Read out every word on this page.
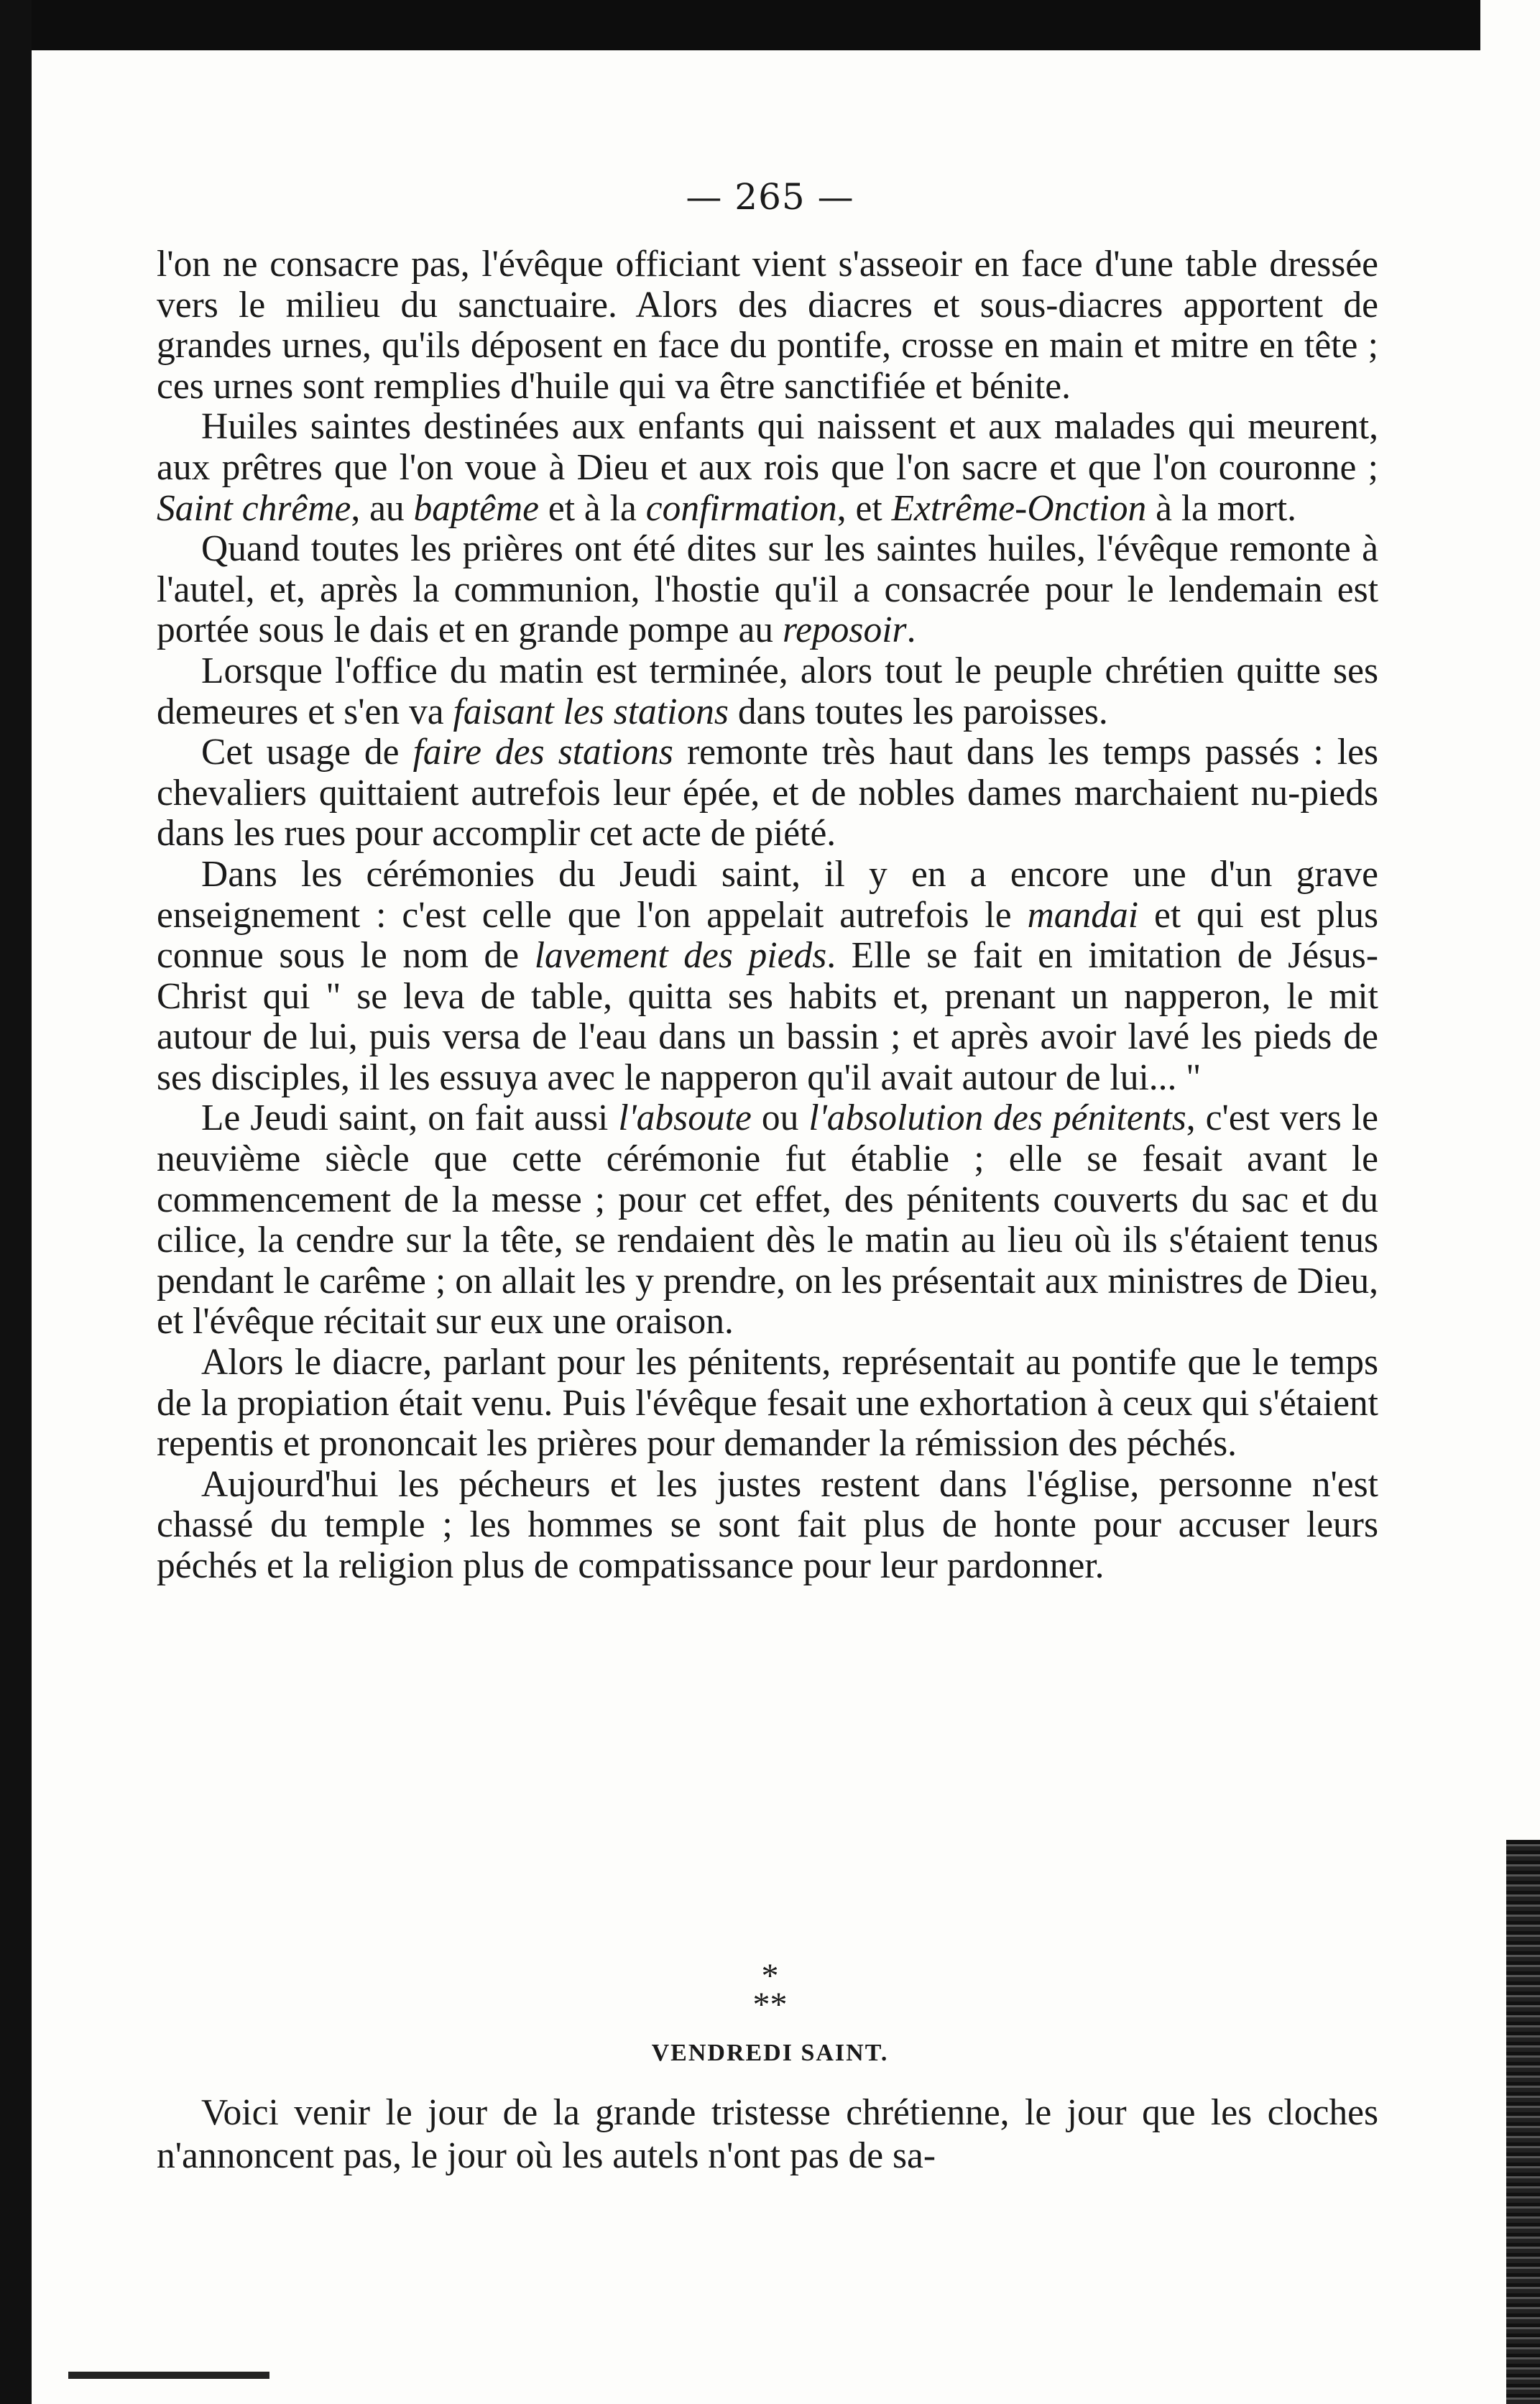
— 265 —

l'on ne consacre pas, l'évêque officiant vient s'asseoir en face d'une table dressée vers le milieu du sanctuaire. Alors des diacres et sous-diacres apportent de grandes urnes, qu'ils déposent en face du pontife, crosse en main et mitre en tête ; ces urnes sont remplies d'huile qui va être sanctifiée et bénite.

Huiles saintes destinées aux enfants qui naissent et aux malades qui meurent, aux prêtres que l'on voue à Dieu et aux rois que l'on sacre et que l'on couronne ; Saint chrême, au baptême et à la confirmation, et Extrême-Onction à la mort.

Quand toutes les prières ont été dites sur les saintes huiles, l'évêque remonte à l'autel, et, après la communion, l'hostie qu'il a consacrée pour le lendemain est portée sous le dais et en grande pompe au reposoir.

Lorsque l'office du matin est terminée, alors tout le peuple chrétien quitte ses demeures et s'en va faisant les stations dans toutes les paroisses.

Cet usage de faire des stations remonte très haut dans les temps passés : les chevaliers quittaient autrefois leur épée, et de nobles dames marchaient nu-pieds dans les rues pour accomplir cet acte de piété.

Dans les cérémonies du Jeudi saint, il y en a encore une d'un grave enseignement : c'est celle que l'on appelait autrefois le mandai et qui est plus connue sous le nom de lavement des pieds. Elle se fait en imitation de Jésus-Christ qui " se leva de table, quitta ses habits et, prenant un napperon, le mit autour de lui, puis versa de l'eau dans un bassin ; et après avoir lavé les pieds de ses disciples, il les essuya avec le napperon qu'il avait autour de lui... "

Le Jeudi saint, on fait aussi l'absoute ou l'absolution des pénitents, c'est vers le neuvième siècle que cette cérémonie fut établie ; elle se fesait avant le commencement de la messe ; pour cet effet, des pénitents couverts du sac et du cilice, la cendre sur la tête, se rendaient dès le matin au lieu où ils s'étaient tenus pendant le carême ; on allait les y prendre, on les présentait aux ministres de Dieu, et l'évêque récitait sur eux une oraison.

Alors le diacre, parlant pour les pénitents, représentait au pontife que le temps de la propiation était venu. Puis l'évêque fesait une exhortation à ceux qui s'étaient repentis et prononcait les prières pour demander la rémission des péchés.

Aujourd'hui les pécheurs et les justes restent dans l'église, personne n'est chassé du temple ; les hommes se sont fait plus de honte pour accuser leurs péchés et la religion plus de compatissance pour leur pardonner.

*
**
VENDREDI SAINT.

Voici venir le jour de la grande tristesse chrétienne, le jour que les cloches n'annoncent pas, le jour où les autels n'ont pas de sa-
